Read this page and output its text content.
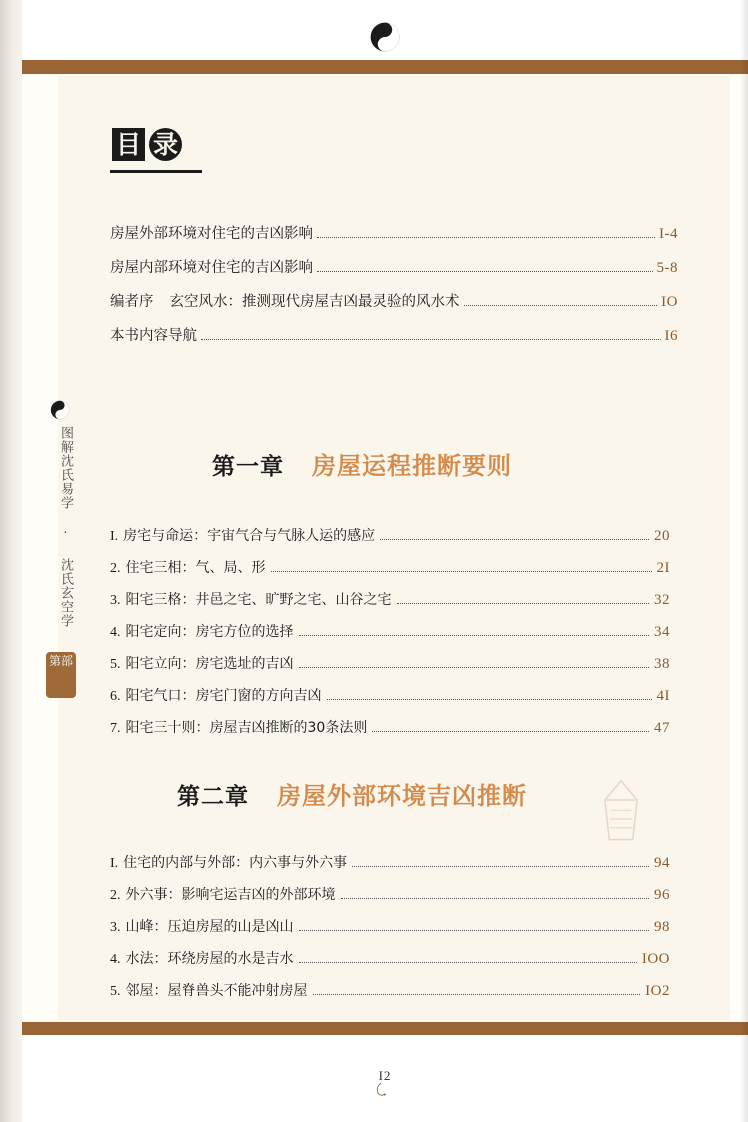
图解沈氏易学 · 沈氏玄空学
第部
目 录
房屋外部环境对住宅的吉凶影响	I-4
房屋内部环境对住宅的吉凶影响	5-8
编者序 玄空风水：推测现代房屋吉凶最灵验的风水术	IO
本书内容导航	I6
第一章 房屋运程推断要则
I. 房宅与命运：宇宙气合与气脉人运的感应	20
2. 住宅三相：气、局、形	2I
3. 阳宅三格：井邑之宅、旷野之宅、山谷之宅	32
4. 阳宅定向：房宅方位的选择	34
5. 阳宅立向：房宅选址的吉凶	38
6. 阳宅气口：房宅门窗的方向吉凶	4I
7. 阳宅三十则：房屋吉凶推断的30条法则	47
第二章 房屋外部环境吉凶推断
I. 住宅的内部与外部：内六事与外六事	94
2. 外六事：影响宅运吉凶的外部环境	96
3. 山峰：压迫房屋的山是凶山	98
4. 水法：环绕房屋的水是吉水	IOO
5. 邻屋：屋脊兽头不能冲射房屋	IO2
I2
